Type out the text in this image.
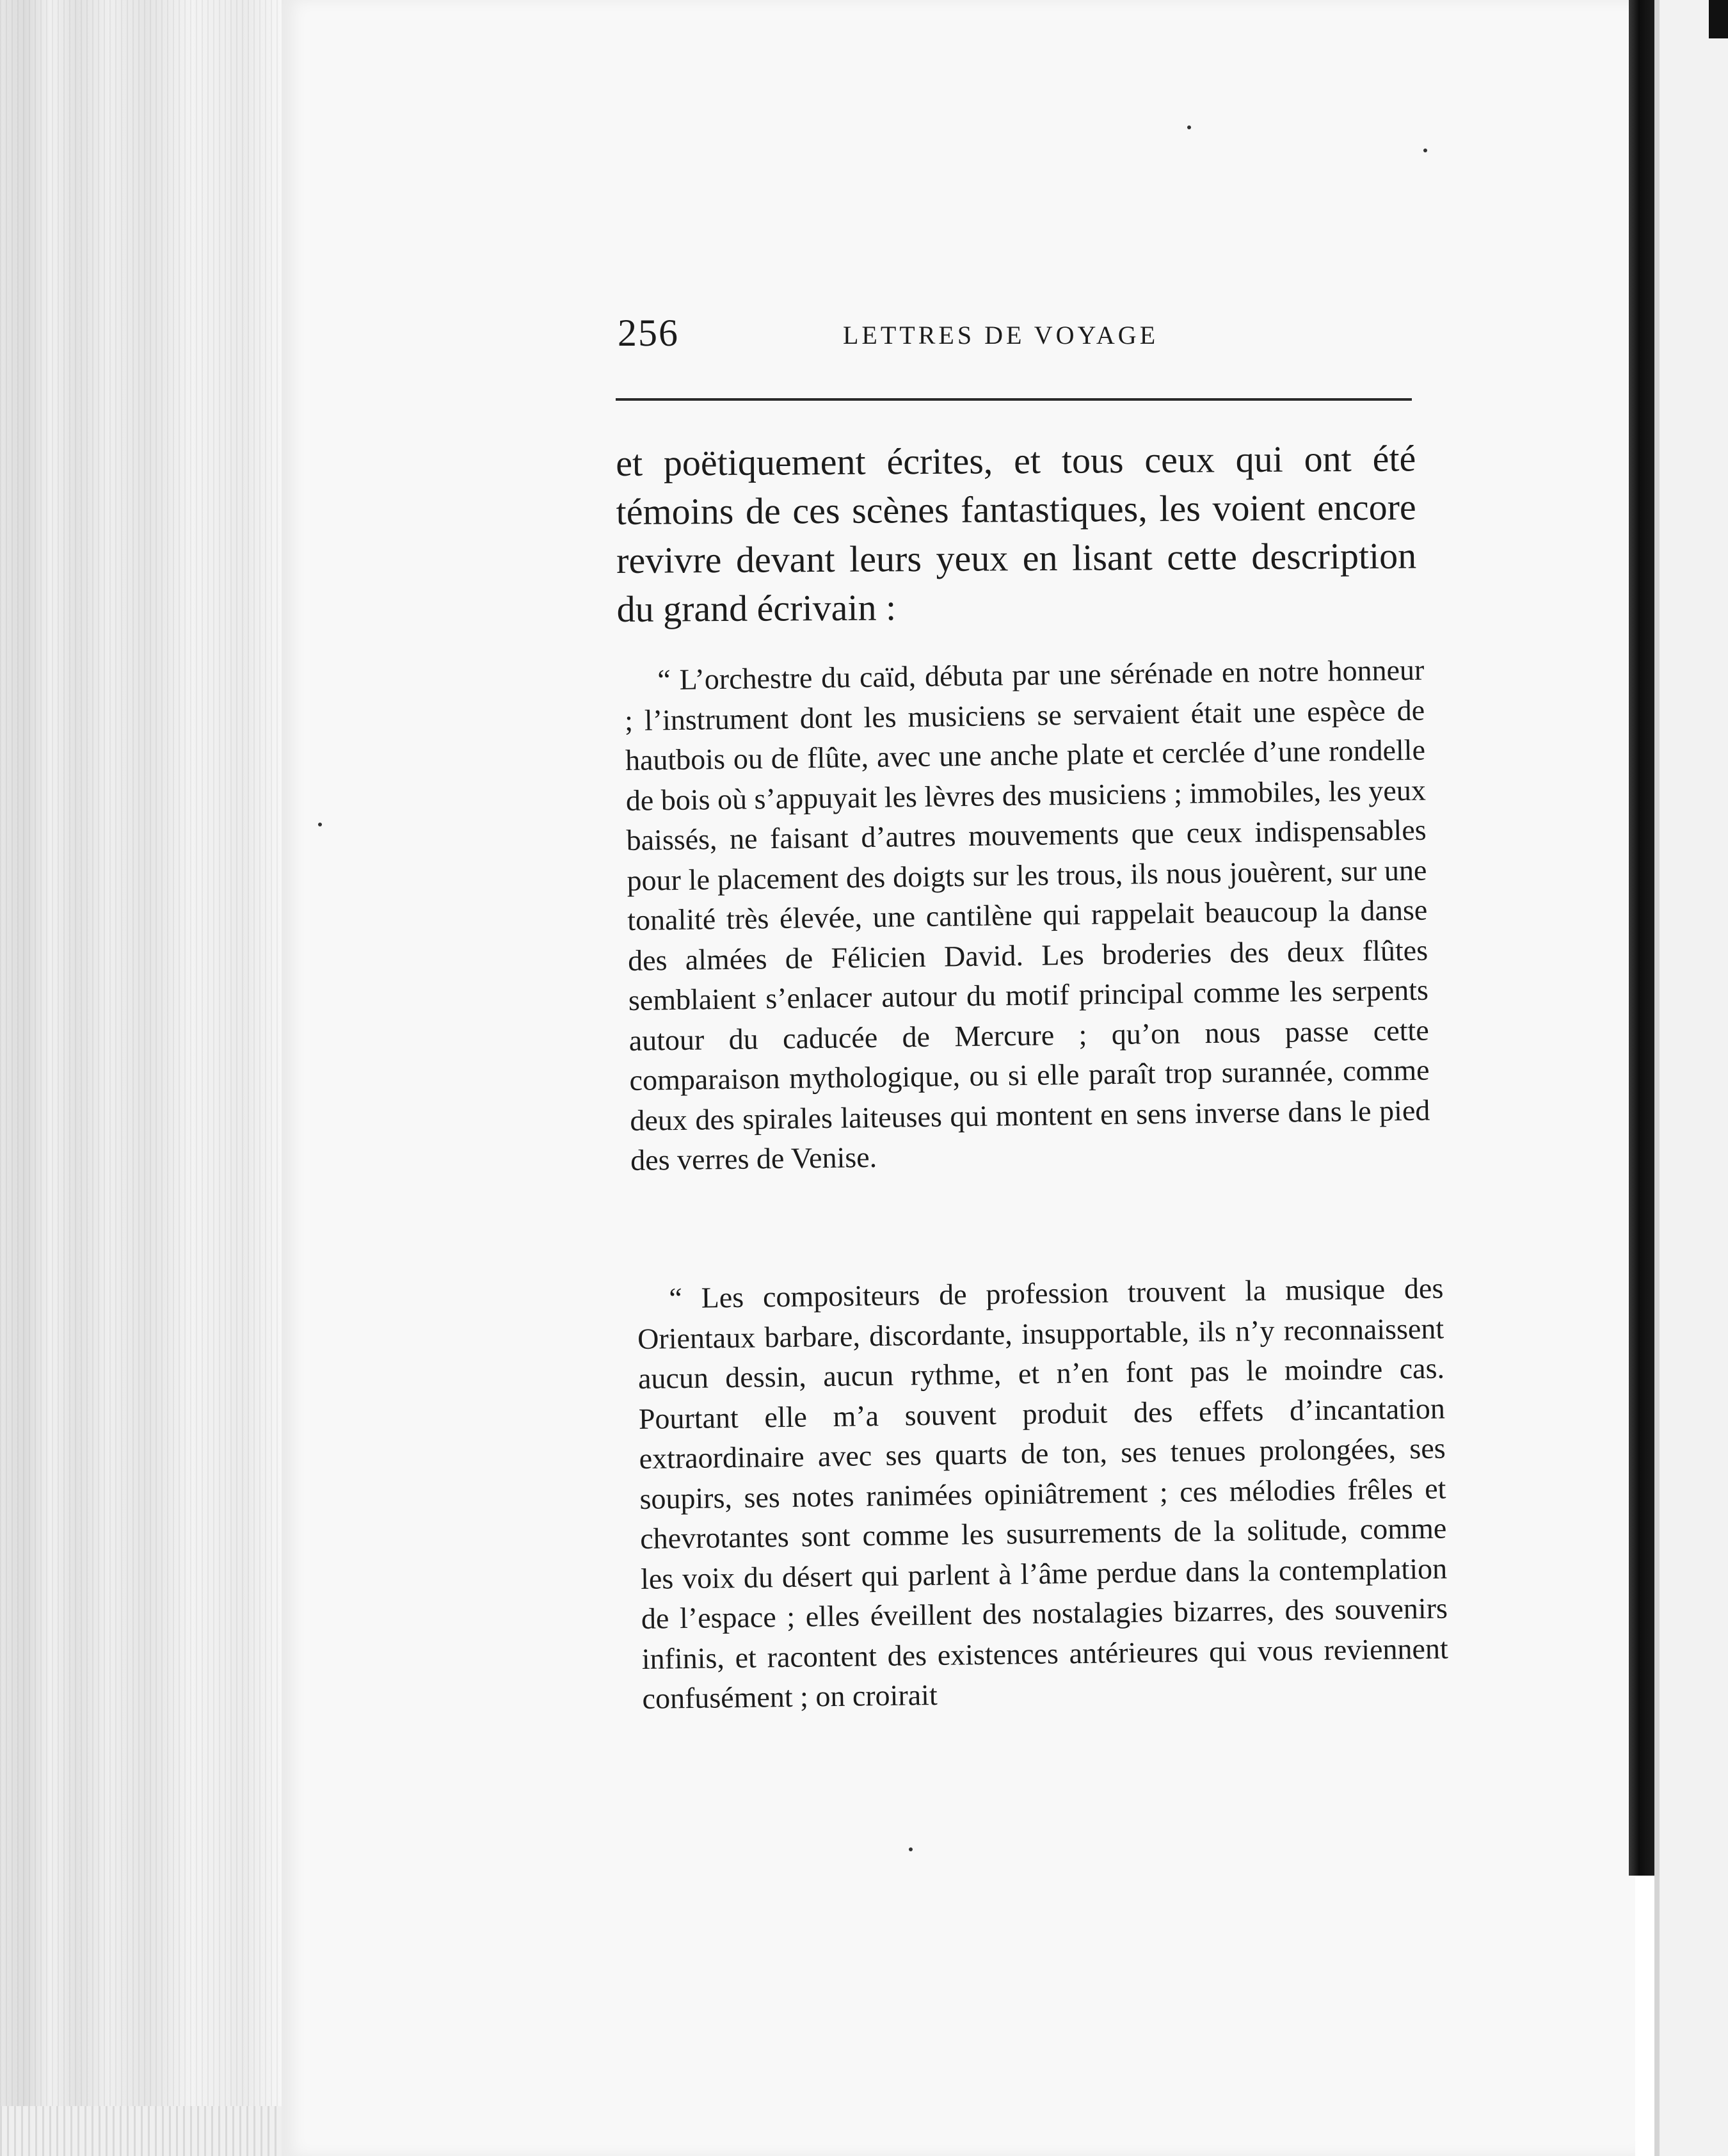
256	LETTRES DE VOYAGE

et poëtiquement écrites, et tous ceux qui ont été témoins de ces scènes fantastiques, les voient encore revivre devant leurs yeux en lisant cette description du grand écrivain :

“ L’orchestre du caïd, débuta par une sérénade en notre honneur ; l’instrument dont les musiciens se servaient était une espèce de hautbois ou de flûte, avec une anche plate et cerclée d’une rondelle de bois où s’appuyait les lèvres des musiciens ; immobiles, les yeux baissés, ne faisant d’autres mouvements que ceux indispensables pour le placement des doigts sur les trous, ils nous jouèrent, sur une tonalité très élevée, une cantilène qui rappelait beaucoup la danse des almées de Félicien David. Les broderies des deux flûtes semblaient s’enlacer autour du motif principal comme les serpents autour du caducée de Mercure ; qu’on nous passe cette comparaison mythologique, ou si elle paraît trop surannée, comme deux des spirales laiteuses qui montent en sens inverse dans le pied des verres de Venise.

“ Les compositeurs de profession trouvent la musique des Orientaux barbare, discordante, insupportable, ils n’y reconnaissent aucun dessin, aucun rythme, et n’en font pas le moindre cas. Pourtant elle m’a souvent produit des effets d’incantation extraordinaire avec ses quarts de ton, ses tenues prolongées, ses soupirs, ses notes ranimées opiniâtrement ; ces mélodies frêles et chevrotantes sont comme les susurrements de la solitude, comme les voix du désert qui parlent à l’âme perdue dans la contemplation de l’espace ; elles éveillent des nostalagies bizarres, des souvenirs infinis, et racontent des existences antérieures qui vous reviennent confusément ; on croirait
